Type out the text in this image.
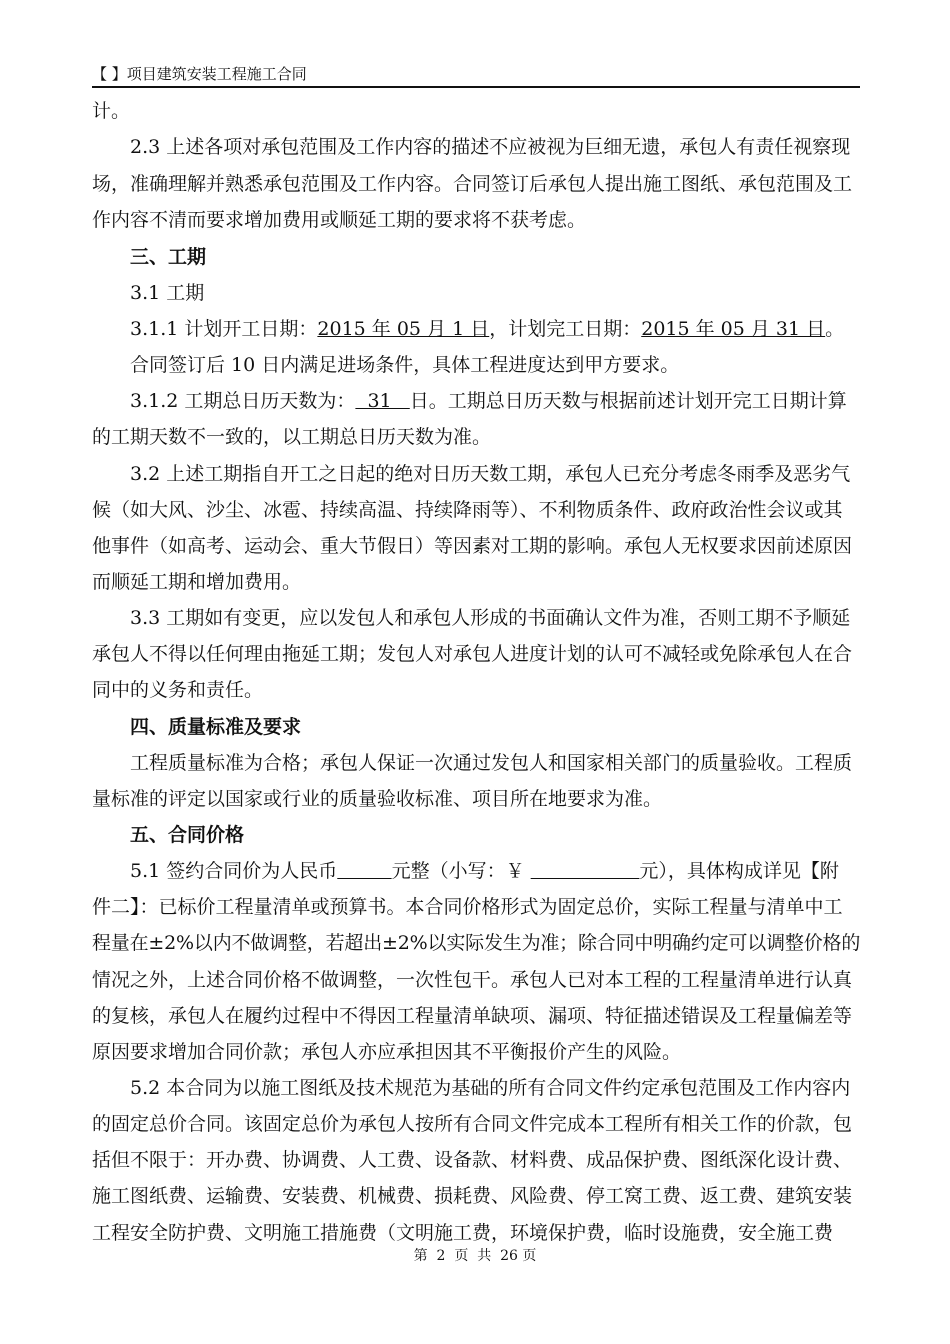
【 】项目建筑安装工程施工合同
计。
2.3 上述各项对承包范围及工作内容的描述不应被视为巨细无遗，承包人有责任视察现
场，准确理解并熟悉承包范围及工作内容。合同签订后承包人提出施工图纸、承包范围及工
作内容不清而要求增加费用或顺延工期的要求将不获考虑。
三、工期
3.1 工期
3.1.1 计划开工日期：2015 年 05 月 1 日，计划完工日期：2015 年 05 月 31 日。
合同签订后 10 日内满足进场条件，具体工程进度达到甲方要求。
3.1.2 工期总日历天数为：  31   日。工期总日历天数与根据前述计划开完工日期计算
的工期天数不一致的，以工期总日历天数为准。
3.2 上述工期指自开工之日起的绝对日历天数工期，承包人已充分考虑冬雨季及恶劣气
候（如大风、沙尘、冰雹、持续高温、持续降雨等）、不利物质条件、政府政治性会议或其
他事件（如高考、运动会、重大节假日）等因素对工期的影响。承包人无权要求因前述原因
而顺延工期和增加费用。
3.3 工期如有变更，应以发包人和承包人形成的书面确认文件为准，否则工期不予顺延
承包人不得以任何理由拖延工期；发包人对承包人进度计划的认可不减轻或免除承包人在合
同中的义务和责任。
四、质量标准及要求
工程质量标准为合格；承包人保证一次通过发包人和国家相关部门的质量验收。工程质
量标准的评定以国家或行业的质量验收标准、项目所在地要求为准。
五、合同价格
5.1 签约合同价为人民币	元整（小写：￥	元），具体构成详见【附
件二】：已标价工程量清单或预算书。本合同价格形式为固定总价，实际工程量与清单中工
程量在±2%以内不做调整，若超出±2%以实际发生为准；除合同中明确约定可以调整价格的
情况之外，上述合同价格不做调整，一次性包干。承包人已对本工程的工程量清单进行认真
的复核，承包人在履约过程中不得因工程量清单缺项、漏项、特征描述错误及工程量偏差等
原因要求增加合同价款；承包人亦应承担因其不平衡报价产生的风险。
5.2 本合同为以施工图纸及技术规范为基础的所有合同文件约定承包范围及工作内容内
的固定总价合同。该固定总价为承包人按所有合同文件完成本工程所有相关工作的价款，包
括但不限于：开办费、协调费、人工费、设备款、材料费、成品保护费、图纸深化设计费、
施工图纸费、运输费、安装费、机械费、损耗费、风险费、停工窝工费、返工费、建筑安装
工程安全防护费、文明施工措施费（文明施工费，环境保护费，临时设施费，安全施工费
第  2  页  共  26 页
